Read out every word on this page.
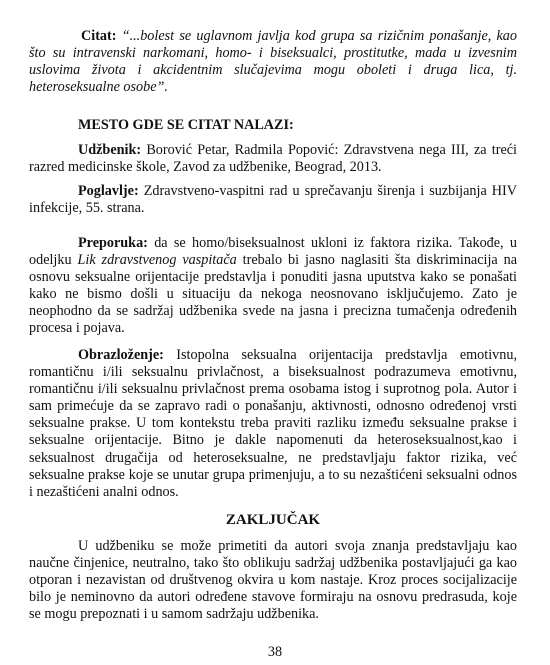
Citat: “...bolest se uglavnom javlja kod grupa sa rizičnim ponašanje, kao što su intravenski narkomani, homo- i biseksualci, prostitutke, mada u izvesnim uslovima života i akcidentnim slučajevima mogu oboleti i druga lica, tj. heteroseksualne osobe”.
MESTO GDE SE CITAT NALAZI:

Udžbenik: Borović Petar, Radmila Popović: Zdravstvena nega III, za treći razred medicinske škole, Zavod za udžbenike, Beograd, 2013.

Poglavlje: Zdravstveno-vaspitni rad u sprečavanju širenja i suzbijanja HIV infekcije, 55. strana.

Preporuka: da se homo/biseksualnost ukloni iz faktora rizika. Takođe, u odeljku Lik zdravstvenog vaspitača trebalo bi jasno naglasiti šta diskriminacija na osnovu seksualne orijentacije predstavlja i ponuditi jasna uputstva kako se ponašati kako ne bismo došli u situaciju da nekoga neosnovano isključujemo. Zato je neophodno da se sadržaj udžbenika svede na jasna i precizna tumačenja određenih procesa i pojava.

Obrazloženje: Istopolna seksualna orijentacija predstavlja emotivnu, romantičnu i/ili seksualnu privlačnost, a biseksualnost podrazumeva emotivnu, romantičnu i/ili seksualnu privlačnost prema osobama istog i suprotnog pola. Autor i sam primećuje da se zapravo radi o ponašanju, aktivnosti, odnosno određenoj vrsti seksualne prakse. U tom kontekstu treba praviti razliku između seksualne prakse i seksualne orijentacije. Bitno je dakle napomenuti da heteroseksualnost,kao i seksualnost drugačija od heteroseksualne, ne predstavljaju faktor rizika, već seksualne prakse koje se unutar grupa primenjuju, a to su nezaštićeni seksualni odnos i nezaštićeni analni odnos.

ZAKLJUČAK

U udžbeniku se može primetiti da autori svoja znanja predstavljaju kao naučne činjenice, neutralno, tako što oblikuju sadržaj udžbenika postavljajući ga kao otporan i nezavistan od društvenog okvira u kom nastaje. Kroz proces socijalizacije bilo je neminovno da autori određene stavove formiraju na osnovu predrasuda, koje se mogu prepoznati i u samom sadržaju udžbenika.

38
